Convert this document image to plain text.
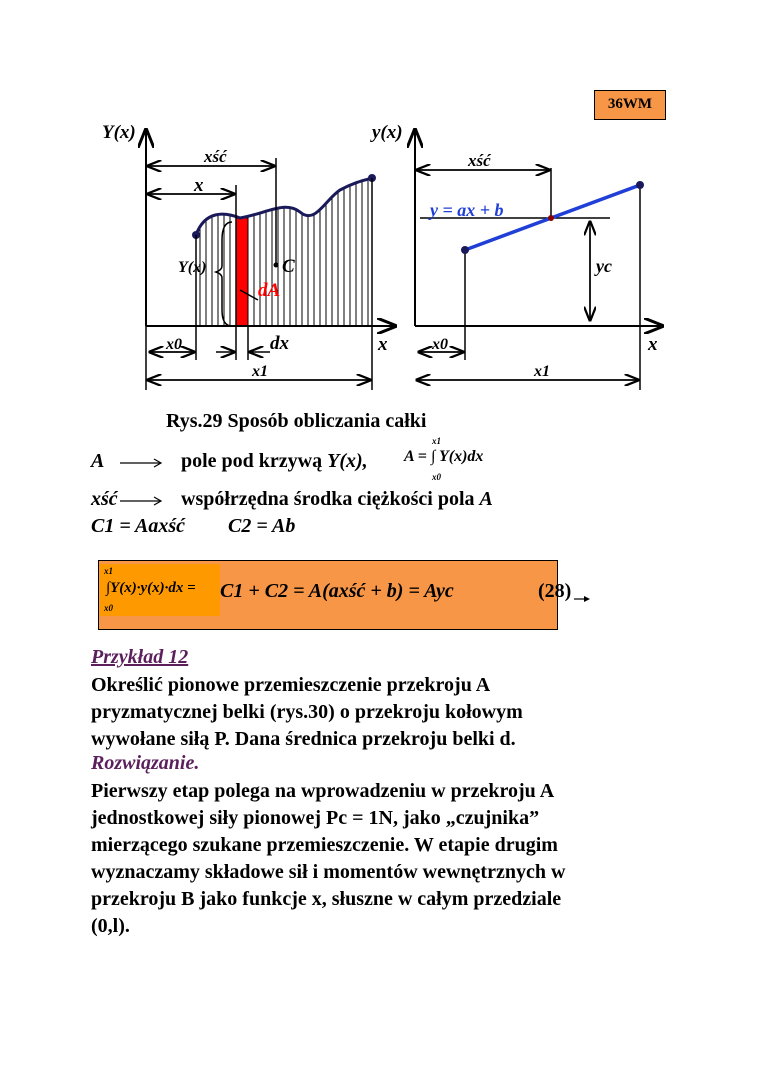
36WM
Y(x)
x
xść
x
Y(x)	C
dA
x0	dx
x1
y(x)
x
xść
y = ax + b
yc
x0
x1
Rys.29 Sposób obliczania całki
A	pole pod krzywą Y(x), A = ∫ Y(x)dx
x1
x0
xść	współrzędna środka ciężkości pola A
C1 = Aaxść C2 = Ab
∫Y(x)·y(x)·dx =
x1
x0
C1 + C2 = A(axść + b) = Ayc	(28)
Przykład 12
Określić pionowe przemieszczenie przekroju A
pryzmatycznej belki (rys.30) o przekroju kołowym
wywołane siłą P. Dana średnica przekroju belki d.
Rozwiązanie.
Pierwszy etap polega na wprowadzeniu w przekroju A
jednostkowej siły pionowej Pc = 1N, jako „czujnika”
mierzącego szukane przemieszczenie. W etapie drugim
wyznaczamy składowe sił i momentów wewnętrznych w
przekroju B jako funkcje x, słuszne w całym przedziale
(0,l).
